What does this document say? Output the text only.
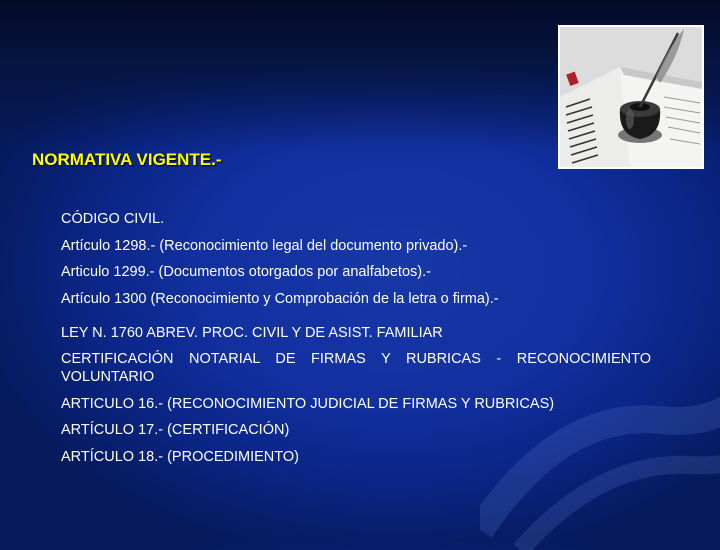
NORMATIVA VIGENTE.-
CÓDIGO CIVIL.
Artículo 1298.- (Reconocimiento legal del documento privado).-
Articulo 1299.- (Documentos otorgados por analfabetos).-
Artículo 1300 (Reconocimiento y Comprobación de la letra o firma).-
LEY N. 1760 ABREV. PROC. CIVIL Y DE ASIST. FAMILIAR
CERTIFICACIÓN NOTARIAL DE FIRMAS Y RUBRICAS - RECONOCIMIENTO VOLUNTARIO
ARTICULO 16.- (RECONOCIMIENTO JUDICIAL DE FIRMAS Y RUBRICAS)
ARTÍCULO 17.- (CERTIFICACIÓN)
ARTÍCULO 18.- (PROCEDIMIENTO)
